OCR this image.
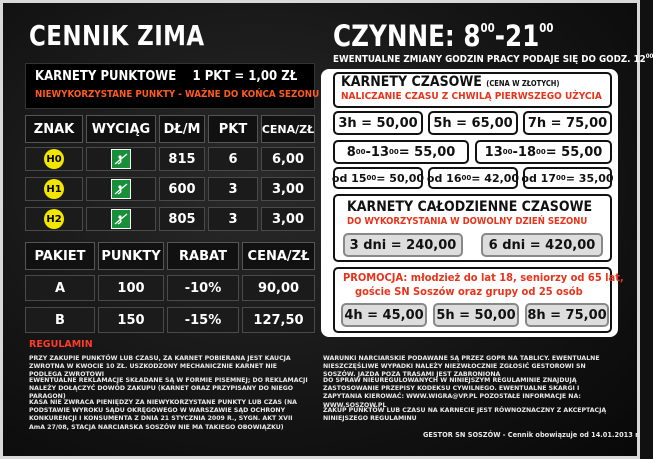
CENNIK ZIMA	CZYNNE: $8^{00}-21^{00}$
EWENTUALNE ZMIANY GODZIN PRACY PODAJE SIĘ DO GODZ. $12^{00}$
KARNETY PUNKTOWE 1 PKT = 1,00 ZŁ
NIEWYKORZYSTANE PUNKTY - WAŻNE DO KOŃCA SEZONU
ZNAK	WYCIĄG	DŁ/M	PKT	CENA/ZŁ
H0	815	6	6,00
H1	600	3	3,00
H2	805	3	3,00
PAKIET	PUNKTY	RABAT	CENA/ZŁ
A	100	-10%	90,00
B	150	-15%	127,50
REGULAMIN
PRZY ZAKUPIE PUNKTÓW LUB CZASU, ZA KARNET POBIERANA JEST KAUCJA ZWROTNA W KWOCIE 10 ZŁ. USZKODZONY MECHANICZNIE KARNET NIE PODLEGA ZWROTOWI
EWENTUALNE REKLAMACJE SKŁADANE SĄ W FORMIE PISEMNEJ; DO REKLAMACJI NALEŻY DOŁĄCZYĆ DOWÓD ZAKUPU (KARNET ORAZ PRZYPISANY DO NIEGO PARAGON)
KASA NIE ZWRACA PIENIĘDZY ZA NIEWYKORZYSTANE PUNKTY LUB CZAS (NA PODSTAWIE WYROKU SĄDU OKRĘGOWEGO W WARSZAWIE SĄD OCHRONY KONKURENCJI I KONSUMENTA Z DNIA 21 STYCZNIA 2009 R., SYGN. AKT XVII AmA 27/08, STACJA NARCIARSKA SOSZÓW NIE MA TAKIEGO OBOWIĄZKU)
WARUNKI NARCIARSKIE PODAWANE SĄ PRZEZ GOPR NA TABLICY. EWENTUALNE NIESZCZĘŚLIWE WYPADKI NALEŻY NIEZWŁOCZNIE ZGŁOSIĆ GESTOROWI SN SOSZÓW. JAZDA POZA TRASAMI JEST ZABRONIONA
DO SPRAW NIEUREGULOWANYCH W NINIEJSZYM REGULAMINIE ZNAJDUJĄ ZASTOSOWANIE PRZEPISY KODEKSU CYWILNEGO. EWENTUALNE SKARGI I ZAPYTANIA KIEROWAĆ: WWW.WIGRA@VP.PL POZOSTAŁE INFORMACJE NA: WWW.SOSZOW.PL
ZAKUP PUNKTÓW LUB CZASU NA KARNECIE JEST RÓWNOZNACZNY Z AKCEPTACJĄ NINIEJSZEGO REGULAMINU
GESTOR SN SOSZÓW - Cennik obowiązuje od 14.01.2013 r.
KARNETY CZASOWE (CENA W ZŁOTYCH)
NALICZANIE CZASU Z CHWILĄ PIERWSZEGO UŻYCIA
3h = 50,00	5h = 65,00	7h = 75,00
8 00 -13 00 = 55,00 13 00 -18 00 = 55,00
od 15 00 = 50,00 od 16 00 = 42,00 od 17 00 = 35,00
KARNETY CAŁODZIENNE CZASOWE
DO WYKORZYSTANIA W DOWOLNY DZIEŃ SEZONU
3 dni = 240,00	6 dni = 420,00
PROMOCJA: młodzież do lat 18, seniorzy od 65 lat,
goście SN Soszów oraz grupy od 25 osób
4h = 45,00 5h = 50,00 8h = 75,00
